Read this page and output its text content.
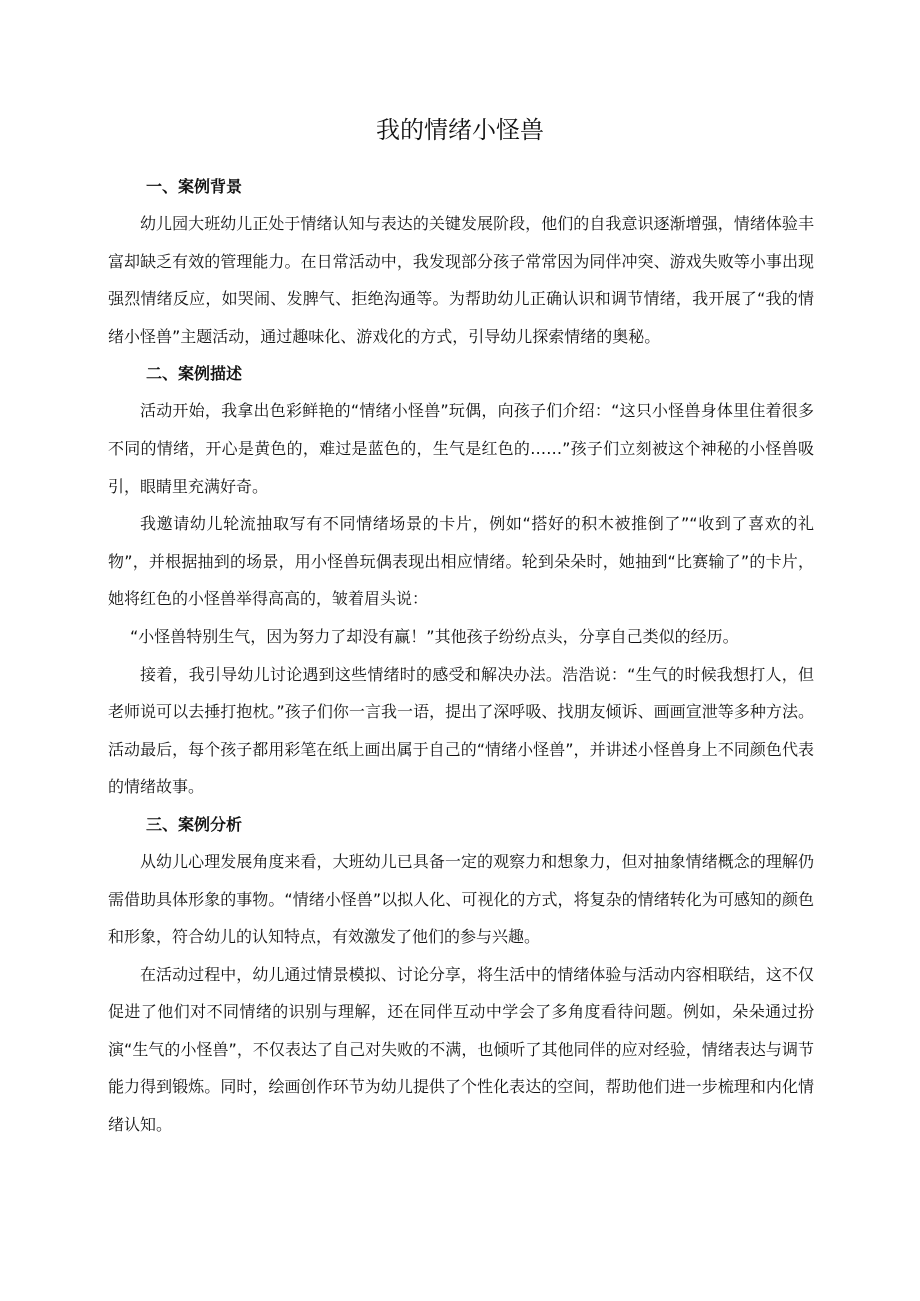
我的情绪小怪兽
一、案例背景

幼儿园大班幼儿正处于情绪认知与表达的关键发展阶段，他们的自我意识逐渐增强，情绪体验丰富却缺乏有效的管理能力。在日常活动中，我发现部分孩子常常因为同伴冲突、游戏失败等小事出现强烈情绪反应，如哭闹、发脾气、拒绝沟通等。为帮助幼儿正确认识和调节情绪，我开展了“我的情绪小怪兽”主题活动，通过趣味化、游戏化的方式，引导幼儿探索情绪的奥秘。

二、案例描述

活动开始，我拿出色彩鲜艳的“情绪小怪兽”玩偶，向孩子们介绍：“这只小怪兽身体里住着很多不同的情绪，开心是黄色的，难过是蓝色的，生气是红色的……”孩子们立刻被这个神秘的小怪兽吸引，眼睛里充满好奇。

我邀请幼儿轮流抽取写有不同情绪场景的卡片，例如“搭好的积木被推倒了”“收到了喜欢的礼物”，并根据抽到的场景，用小怪兽玩偶表现出相应情绪。轮到朵朵时，她抽到“比赛输了”的卡片，她将红色的小怪兽举得高高的，皱着眉头说：

“小怪兽特别生气，因为努力了却没有赢！”其他孩子纷纷点头，分享自己类似的经历。

接着，我引导幼儿讨论遇到这些情绪时的感受和解决办法。浩浩说：“生气的时候我想打人，但老师说可以去捶打抱枕。”孩子们你一言我一语，提出了深呼吸、找朋友倾诉、画画宣泄等多种方法。活动最后，每个孩子都用彩笔在纸上画出属于自己的“情绪小怪兽”，并讲述小怪兽身上不同颜色代表的情绪故事。

三、案例分析

从幼儿心理发展角度来看，大班幼儿已具备一定的观察力和想象力，但对抽象情绪概念的理解仍需借助具体形象的事物。“情绪小怪兽”以拟人化、可视化的方式，将复杂的情绪转化为可感知的颜色和形象，符合幼儿的认知特点，有效激发了他们的参与兴趣。

在活动过程中，幼儿通过情景模拟、讨论分享，将生活中的情绪体验与活动内容相联结，这不仅促进了他们对不同情绪的识别与理解，还在同伴互动中学会了多角度看待问题。例如，朵朵通过扮演“生气的小怪兽”，不仅表达了自己对失败的不满，也倾听了其他同伴的应对经验，情绪表达与调节能力得到锻炼。同时，绘画创作环节为幼儿提供了个性化表达的空间，帮助他们进一步梳理和内化情绪认知。
